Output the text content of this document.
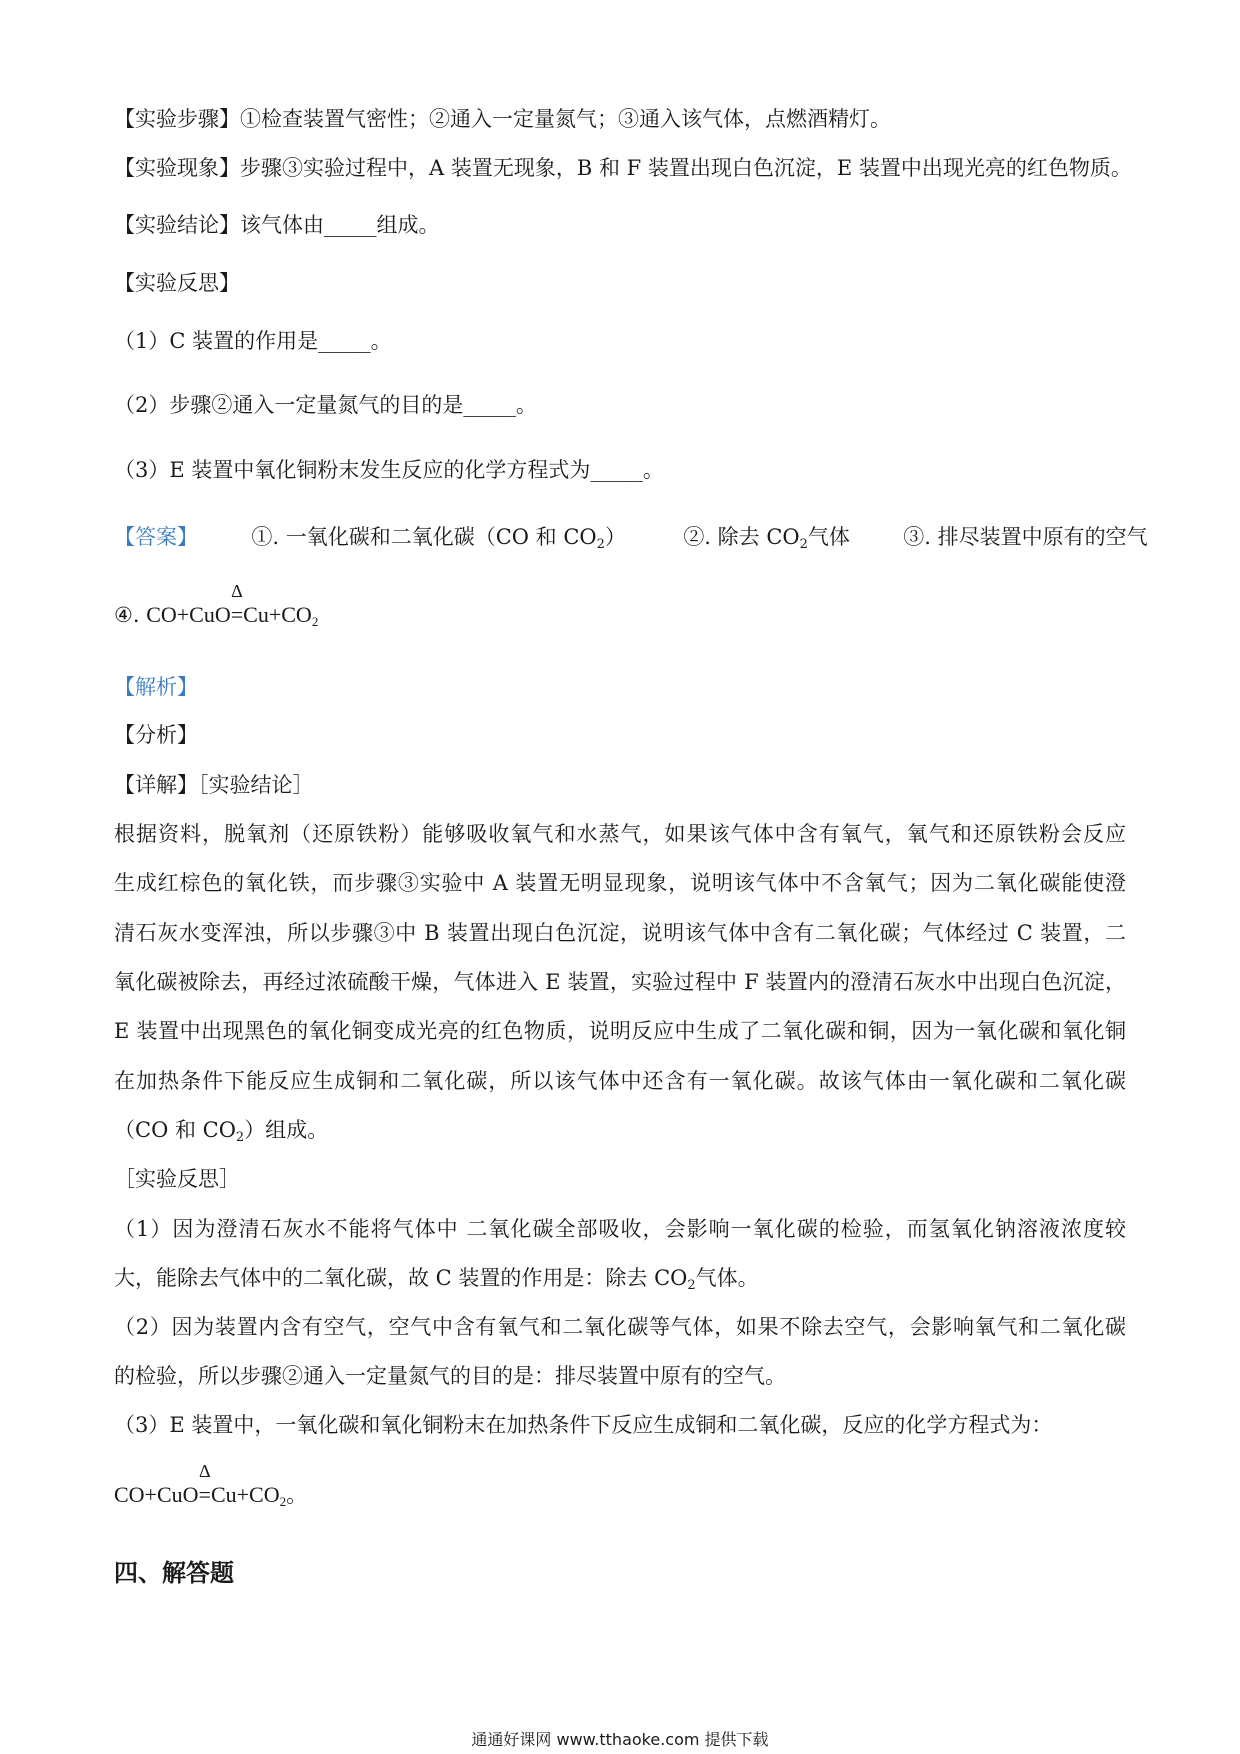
【实验步骤】①检查装置气密性；②通入一定量氮气；③通入该气体，点燃酒精灯。
【实验现象】步骤③实验过程中，A 装置无现象，B 和 F 装置出现白色沉淀，E 装置中出现光亮的红色物质。
【实验结论】该气体由_____组成。
【实验反思】
（1）C 装置的作用是_____。
（2）步骤②通入一定量氮气的目的是_____。
（3）E 装置中氧化铜粉末发生反应的化学方程式为_____。
【答案】	①. 一氧化碳和二氧化碳（CO 和 $CO_2$）	②. 除去 $CO_2$气体	③. 排尽装置中原有的空气
④. CO+CuO
Δ
$=Cu+CO_2$
【解析】
【分析】
【详解】［实验结论］
根据资料，脱氧剂（还原铁粉）能够吸收氧气和水蒸气，如果该气体中含有氧气，氧气和还原铁粉会反应
生成红棕色的氧化铁，而步骤③实验中 A 装置无明显现象，说明该气体中不含氧气；因为二氧化碳能使澄
清石灰水变浑浊，所以步骤③中 B 装置出现白色沉淀，说明该气体中含有二氧化碳；气体经过 C 装置，二
氧化碳被除去，再经过浓硫酸干燥，气体进入 E 装置，实验过程中 F 装置内的澄清石灰水中出现白色沉淀，
E 装置中出现黑色的氧化铜变成光亮的红色物质，说明反应中生成了二氧化碳和铜，因为一氧化碳和氧化铜
在加热条件下能反应生成铜和二氧化碳，所以该气体中还含有一氧化碳。故该气体由一氧化碳和二氧化碳
（CO 和 $CO_2$）组成。
［实验反思］
（1）因为澄清石灰水不能将气体中 二氧化碳全部吸收，会影响一氧化碳的检验，而氢氧化钠溶液浓度较
大，能除去气体中的二氧化碳，故 C 装置的作用是：除去 $CO_2$气体。
（2）因为装置内含有空气，空气中含有氧气和二氧化碳等气体，如果不除去空气，会影响氧气和二氧化碳
的检验，所以步骤②通入一定量氮气的目的是：排尽装置中原有的空气。
（3）E 装置中，一氧化碳和氧化铜粉末在加热条件下反应生成铜和二氧化碳，反应的化学方程式为：
CO+CuO
Δ
$=Cu+CO_2$。
四、解答题
通通好课网 www.tthaoke.com 提供下载
